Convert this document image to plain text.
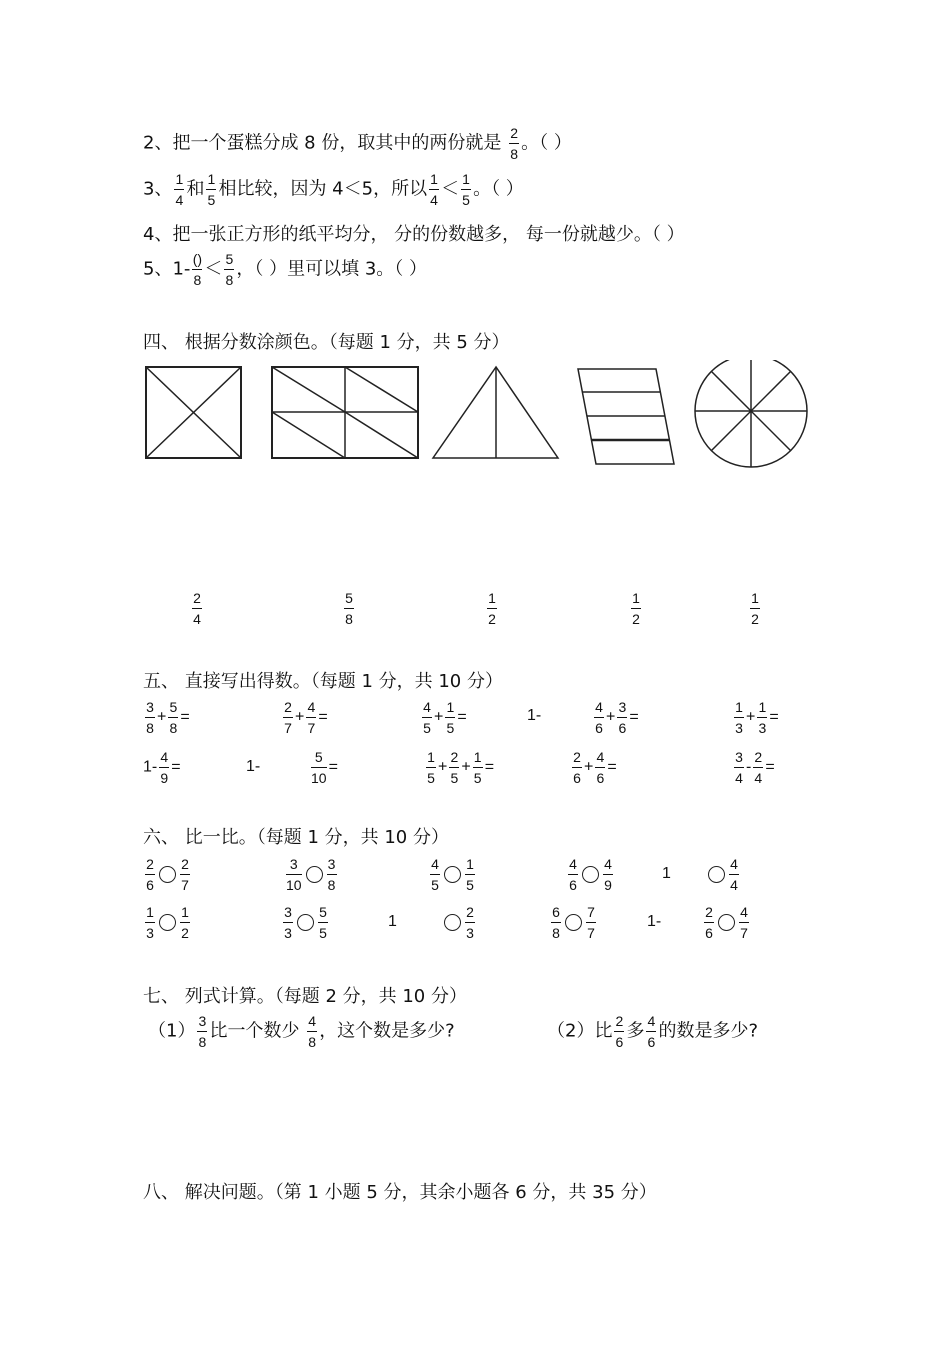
2、把一个蛋糕分成 8 份，取其中的两份就是 $\frac{2}{8}$ 。（ ）
3、 $\frac{1}{4}$ 和 $\frac{1}{5}$ 相比较，因为 4＜5，所以 $\frac{1}{4} < \frac{1}{5}$ 。（ ）
4、把一张正方形的纸平均分， 分的份数越多， 每一份就越少。（ ）
5、$1- \frac{()}{8} < \frac{5}{8}$ ，（ ）里可以填 3。（ ）
四、 根据分数涂颜色。（每题 1 分，共 5 分）
$\frac{2}{4}$	$\frac{5}{8}$	$\frac{1}{2}$	$\frac{1}{2}$	$\frac{1}{2}$
五、 直接写出得数。（每题 1 分，共 10 分）
$\frac{3}{8} + \frac{5}{8}$ =	$\frac{2}{7} + \frac{4}{7}$ =	$\frac{4}{5} + \frac{1}{5}$ =	1-	$\frac{4}{6} + \frac{3}{6}$ =	$\frac{1}{3} + \frac{1}{3}$ =
$1- \frac{4}{9}$ =	1-	$\frac{5}{10}$ =	$\frac{1}{5} + \frac{2}{5} + \frac{1}{5}$ =	$\frac{2}{6} + \frac{4}{6}$ =	$\frac{3}{4} - \frac{2}{4}$ =
六、 比一比。（每题 1 分，共 10 分）
$\frac{2}{6} \frac{2}{7}$	$\frac{3}{10} \frac{3}{8}$	$\frac{4}{5} \frac{1}{5}$	$\frac{4}{6} \frac{4}{9}$	1	$\frac{4}{4}$
$\frac{1}{3} \frac{1}{2}$	$\frac{3}{3} \frac{5}{5}$	1	$\frac{2}{3}$	$\frac{6}{8} \frac{7}{7}$	1-	$\frac{2}{6} \frac{4}{7}$
七、 列式计算。（每题 2 分，共 10 分）
$(1) \frac{3}{8}$ 比一个数少 $\frac{4}{8}$ ，这个数是多少?	（2）比 $\frac{2}{6}$ 多 $\frac{4}{6}$ 的数是多少?
八、 解决问题。（第 1 小题 5 分，其余小题各 6 分，共 35 分）
